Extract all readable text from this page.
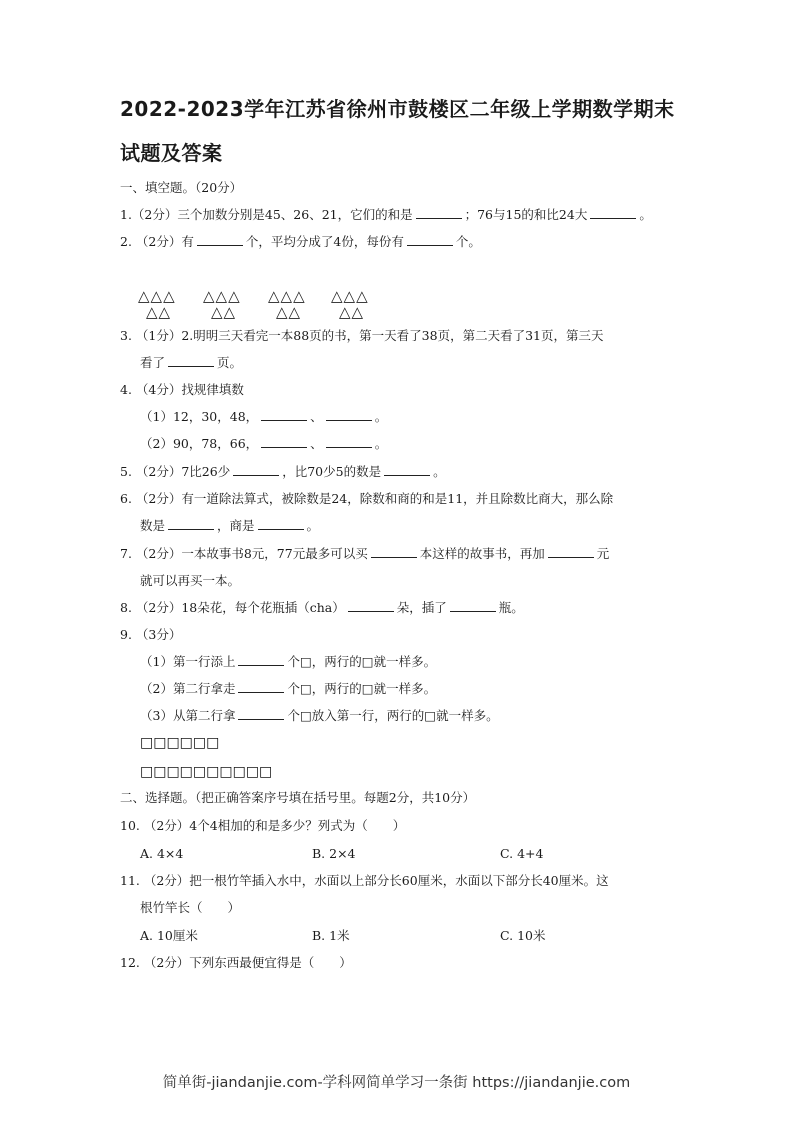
2022-2023学年江苏省徐州市鼓楼区二年级上学期数学期末
试题及答案
一、填空题。（20分）
1.（2分）三个加数分别是45、26、21，它们的和是	；76与15的和比24大	。
2. （2分）有	个，平均分成了4份，每份有	个。
△△△
△△
△△△
△△
△△△
△△
△△△
△△
3. （1分）2.明明三天看完一本88页的书，第一天看了38页，第二天看了31页，第三天
看了	页。
4. （4分）找规律填数
（1）12，30，48，	、	。
（2）90，78，66，	、	。
5. （2分）7比26少	，比70少5的数是	。
6. （2分）有一道除法算式，被除数是24，除数和商的和是11，并且除数比商大，那么除
数是	，商是	。
7. （2分）一本故事书8元，77元最多可以买	本这样的故事书，再加	元
就可以再买一本。
8. （2分）18朵花，每个花瓶插（cha）	朵，插了	瓶。
9. （3分）
（1）第一行添上	个□，两行的□就一样多。
（2）第二行拿走	个□，两行的□就一样多。
（3）从第二行拿	个□放入第一行，两行的□就一样多。
□□□□□□
□□□□□□□□□□
二、选择题。（把正确答案序号填在括号里。每题2分，共10分）
10. （2分）4个4相加的和是多少？列式为（　　）
A. 4×4	B. 2×4	C. 4+4
11. （2分）把一根竹竿插入水中，水面以上部分长60厘米，水面以下部分长40厘米。这
根竹竿长（　　）
A. 10厘米	B. 1米	C. 10米
12. （2分）下列东西最便宜得是（　　）
简单街-jiandanjie.com-学科网简单学习一条街 https://jiandanjie.com
